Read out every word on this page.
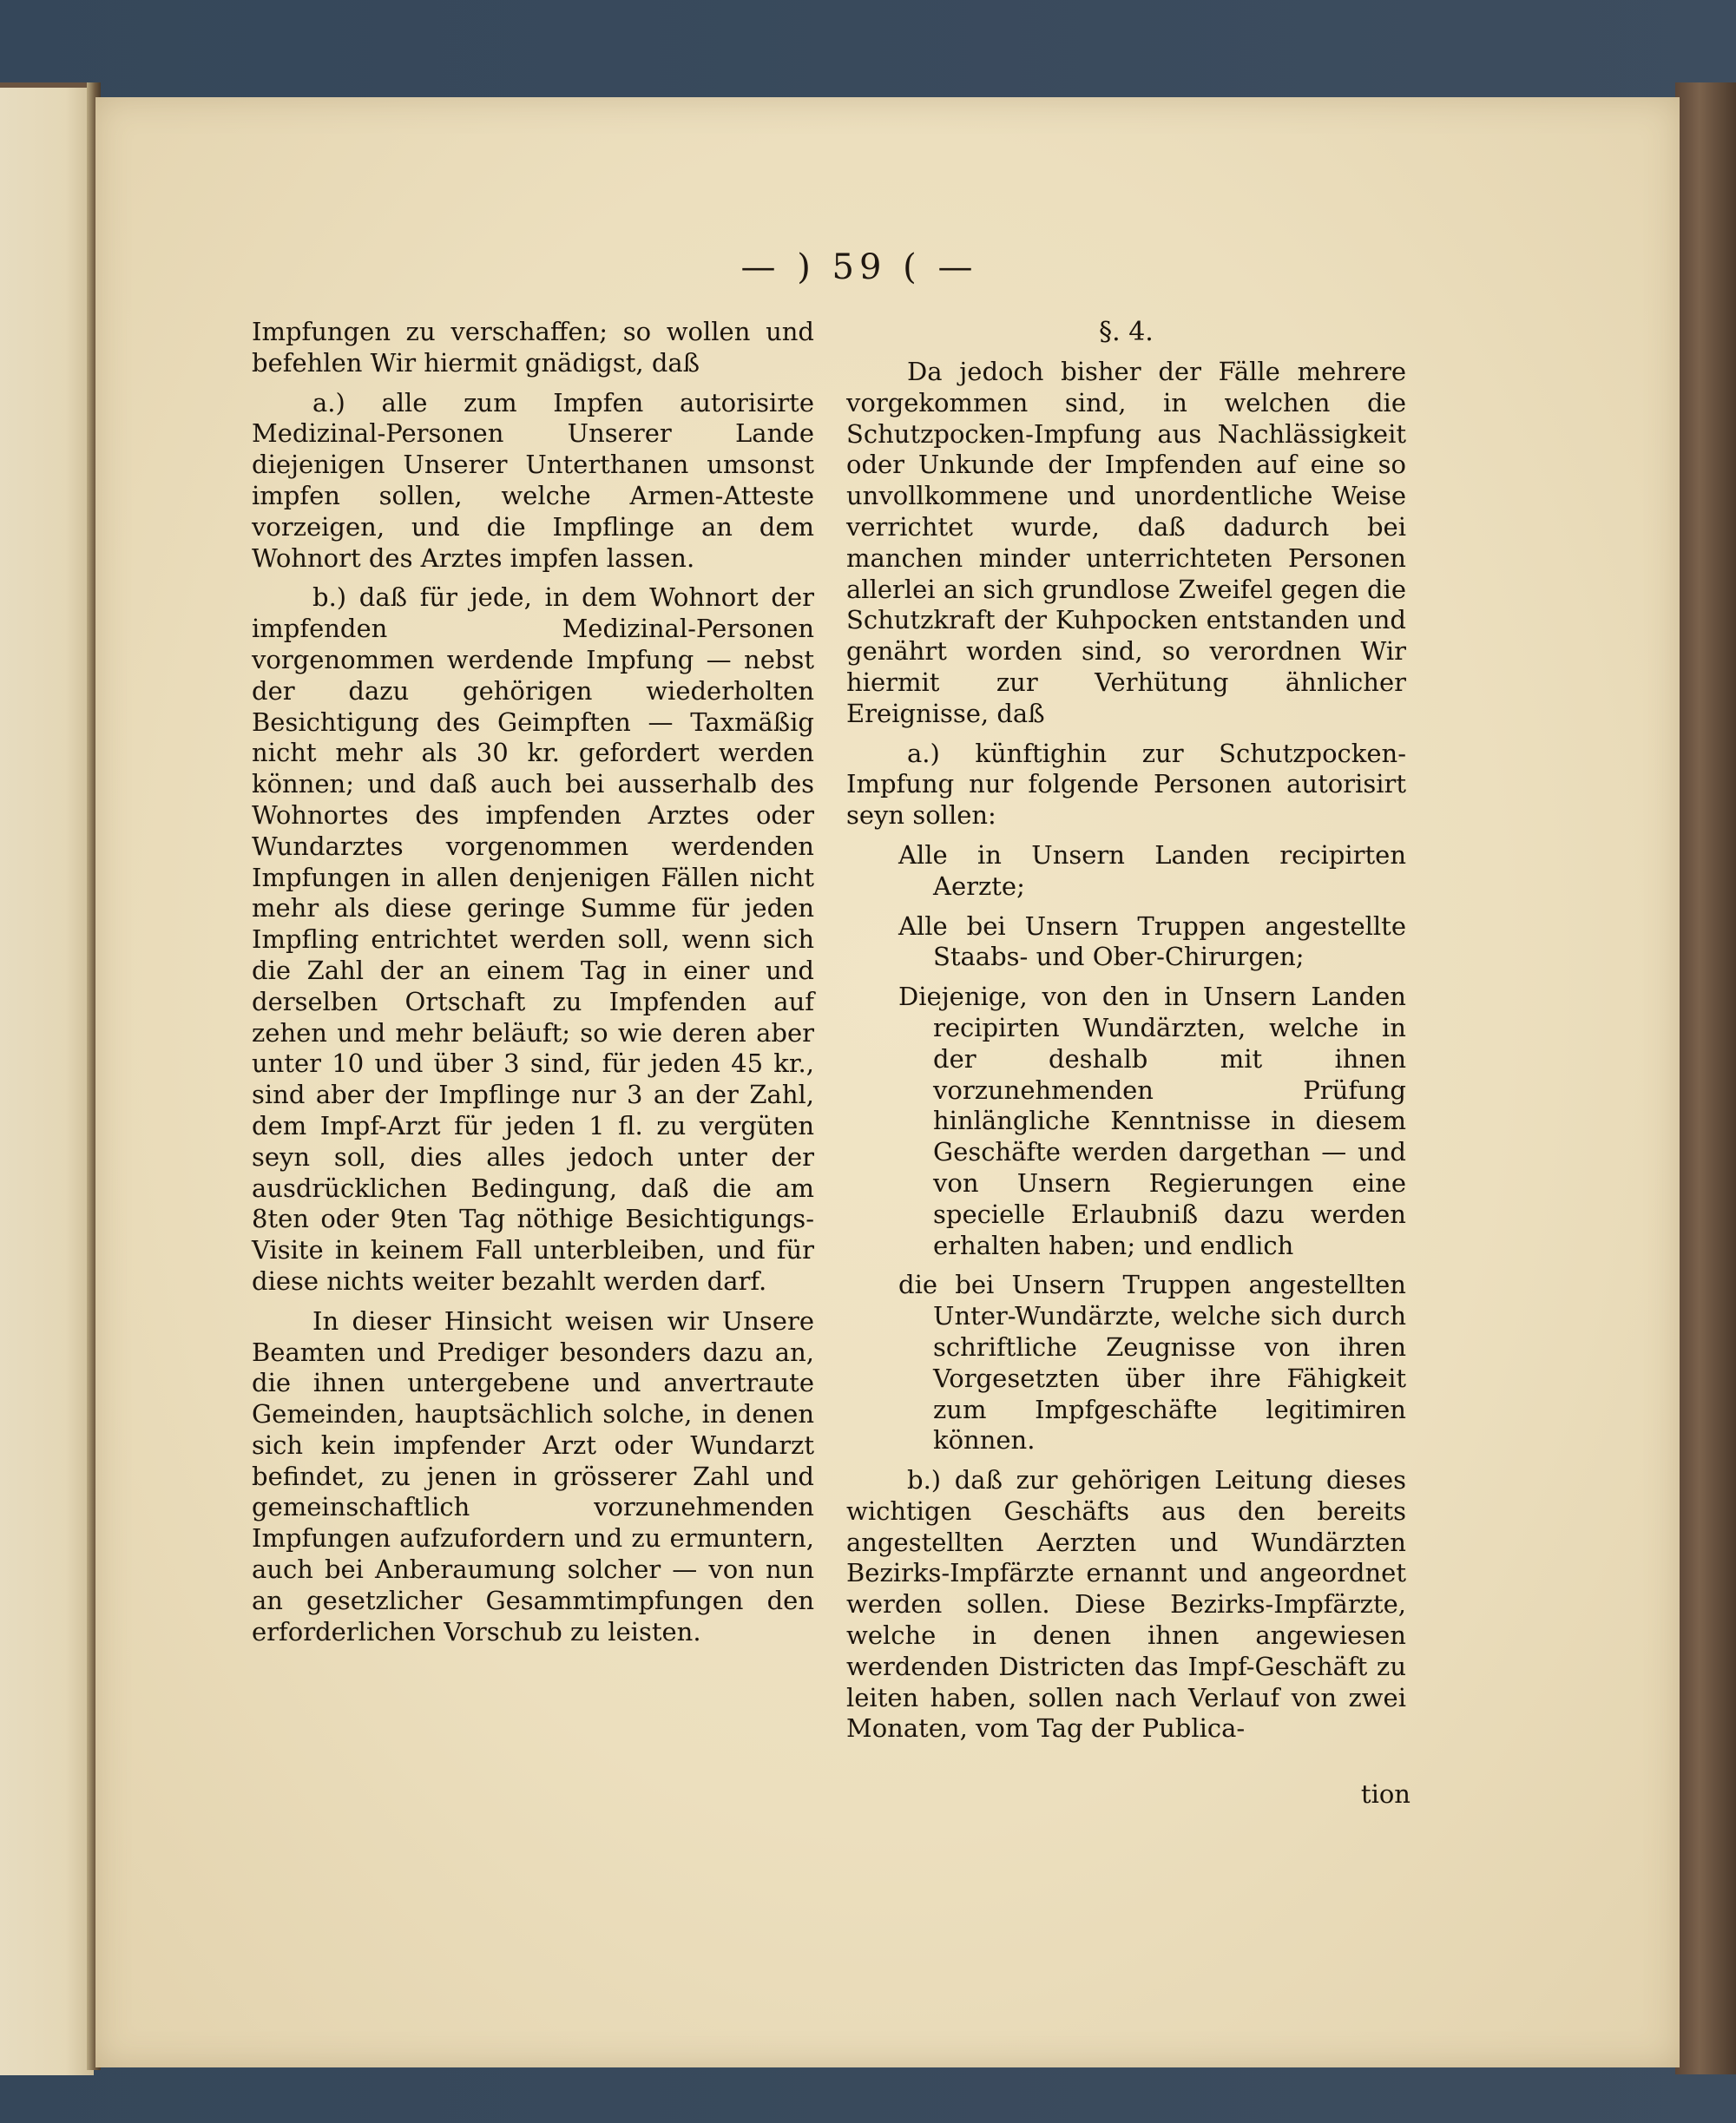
— ) 59 ( —

Impfungen zu verschaffen; so wollen und befehlen Wir hiermit gnädigst, daß

a.) alle zum Impfen autorisirte Medizinal-Personen Unserer Lande diejenigen Unserer Unterthanen umsonst impfen sollen, welche Armen-Atteste vorzeigen, und die Impflinge an dem Wohnort des Arztes impfen lassen.

b.) daß für jede, in dem Wohnort der impfenden Medizinal-Personen vorgenommen werdende Impfung — nebst der dazu gehörigen wiederholten Besichtigung des Geimpften — Taxmäßig nicht mehr als 30 kr. gefordert werden können; und daß auch bei ausserhalb des Wohnortes des impfenden Arztes oder Wundarztes vorgenommen werdenden Impfungen in allen denjenigen Fällen nicht mehr als diese geringe Summe für jeden Impfling entrichtet werden soll, wenn sich die Zahl der an einem Tag in einer und derselben Ortschaft zu Impfenden auf zehen und mehr beläuft; so wie deren aber unter 10 und über 3 sind, für jeden 45 kr., sind aber der Impflinge nur 3 an der Zahl, dem Impf-Arzt für jeden 1 fl. zu vergüten seyn soll, dies alles jedoch unter der ausdrücklichen Bedingung, daß die am 8ten oder 9ten Tag nöthige Besichtigungs-Visite in keinem Fall unterbleiben, und für diese nichts weiter bezahlt werden darf.

In dieser Hinsicht weisen wir Unsere Beamten und Prediger besonders dazu an, die ihnen untergebene und anvertraute Gemeinden, hauptsächlich solche, in denen sich kein impfender Arzt oder Wundarzt befindet, zu jenen in grösserer Zahl und gemeinschaftlich vorzunehmenden Impfungen aufzufordern und zu ermuntern, auch bei Anberaumung solcher — von nun an gesetzlicher Gesammtimpfungen den erforderlichen Vorschub zu leisten.

§. 4.

Da jedoch bisher der Fälle mehrere vorgekommen sind, in welchen die Schutzpocken-Impfung aus Nachlässigkeit oder Unkunde der Impfenden auf eine so unvollkommene und unordentliche Weise verrichtet wurde, daß dadurch bei manchen minder unterrichteten Personen allerlei an sich grundlose Zweifel gegen die Schutzkraft der Kuhpocken entstanden und genährt worden sind, so verordnen Wir hiermit zur Verhütung ähnlicher Ereignisse, daß

a.) künftighin zur Schutzpocken-Impfung nur folgende Personen autorisirt seyn sollen:

Alle in Unsern Landen recipirten Aerzte;

Alle bei Unsern Truppen angestellte Staabs- und Ober-Chirurgen;

Diejenige, von den in Unsern Landen recipirten Wundärzten, welche in der deshalb mit ihnen vorzunehmenden Prüfung hinlängliche Kenntnisse in diesem Geschäfte werden dargethan — und von Unsern Regierungen eine specielle Erlaubniß dazu werden erhalten haben; und endlich

die bei Unsern Truppen angestellten Unter-Wundärzte, welche sich durch schriftliche Zeugnisse von ihren Vorgesetzten über ihre Fähigkeit zum Impfgeschäfte legitimiren können.

b.) daß zur gehörigen Leitung dieses wichtigen Geschäfts aus den bereits angestellten Aerzten und Wundärzten Bezirks-Impfärzte ernannt und angeordnet werden sollen. Diese Bezirks-Impfärzte, welche in denen ihnen angewiesen werdenden Districten das Impf-Geschäft zu leiten haben, sollen nach Verlauf von zwei Monaten, vom Tag der Publica-

tion
